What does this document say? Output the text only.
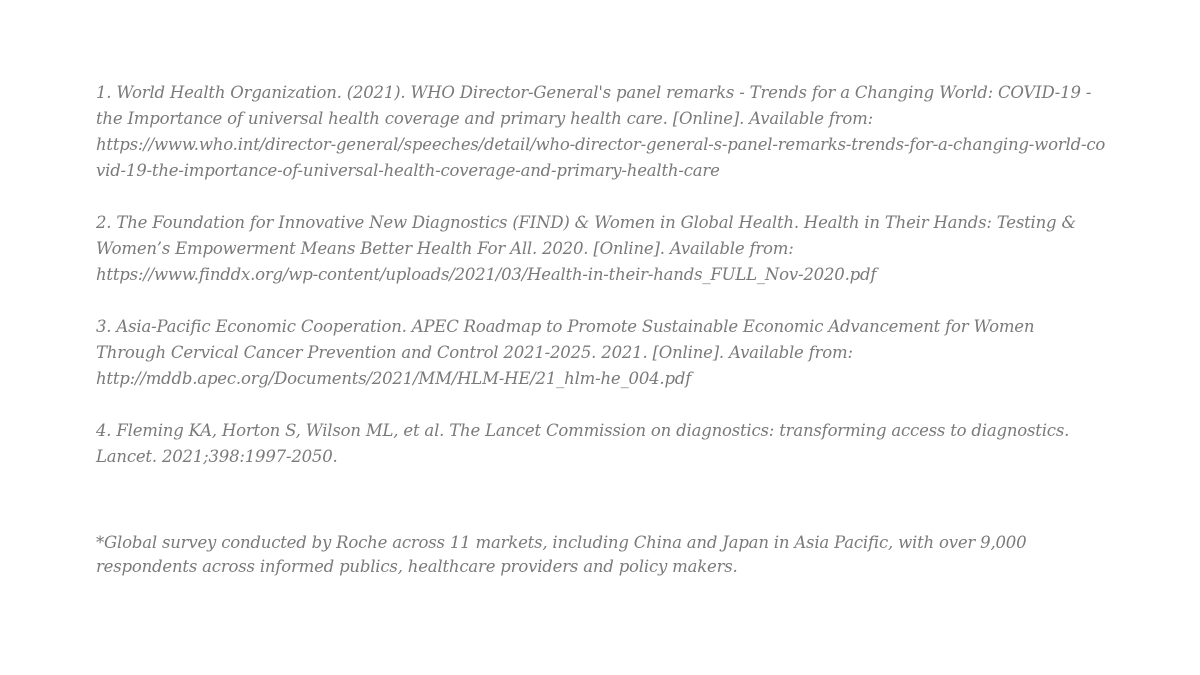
1. World Health Organization. (2021). WHO Director-General's panel remarks - Trends for a Changing World: COVID-19 - the Importance of universal health coverage and primary health care. [Online]. Available from:
https://www.who.int/director-general/speeches/detail/who-director-general-s-panel-remarks-trends-for-a-changing-world-covid-19-the-importance-of-universal-health-coverage-and-primary-health-care

2. The Foundation for Innovative New Diagnostics (FIND) & Women in Global Health. Health in Their Hands: Testing & Women’s Empowerment Means Better Health For All. 2020. [Online]. Available from:
https://www.finddx.org/wp-content/uploads/2021/03/Health-in-their-hands_FULL_Nov-2020.pdf

3. Asia-Pacific Economic Cooperation. APEC Roadmap to Promote Sustainable Economic Advancement for Women Through Cervical Cancer Prevention and Control 2021-2025. 2021. [Online]. Available from:
http://mddb.apec.org/Documents/2021/MM/HLM-HE/21_hlm-he_004.pdf

4. Fleming KA, Horton S, Wilson ML, et al. The Lancet Commission on diagnostics: transforming access to diagnostics. Lancet. 2021;398:1997-2050.

*Global survey conducted by Roche across 11 markets, including China and Japan in Asia Pacific, with over 9,000 respondents across informed publics, healthcare providers and policy makers.
